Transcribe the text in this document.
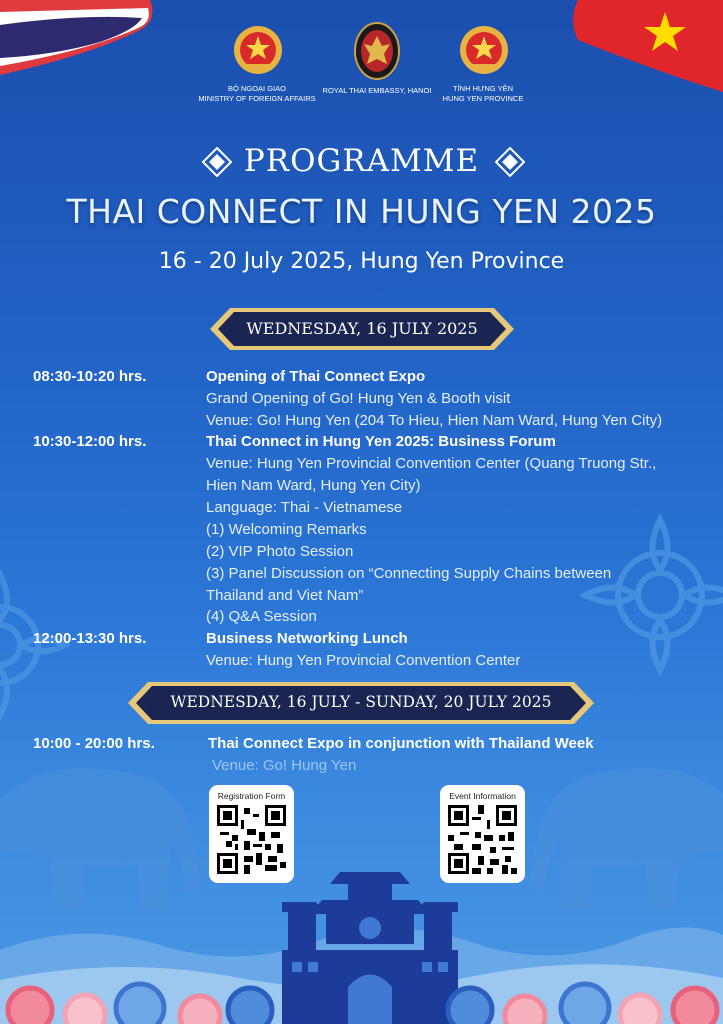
BỘ NGOẠI GIAO
MINISTRY OF FOREIGN AFFAIRS
ROYAL THAI EMBASSY, HANOI	TỈNH HƯNG YÊN
HUNG YEN PROVINCE
PROGRAMME
THAI CONNECT IN HUNG YEN 2025
16 - 20 July 2025, Hung Yen Province
WEDNESDAY, 16 JULY 2025
08:30-10:20 hrs.	Opening of Thai Connect Expo
Grand Opening of Go! Hung Yen & Booth visit
Venue: Go! Hung Yen (204 To Hieu, Hien Nam Ward, Hung Yen City)
10:30-12:00 hrs.	Thai Connect in Hung Yen 2025: Business Forum
Venue: Hung Yen Provincial Convention Center (Quang Truong Str.,
Hien Nam Ward, Hung Yen City)
Language: Thai - Vietnamese
(1) Welcoming Remarks
(2) VIP Photo Session
(3) Panel Discussion on “Connecting Supply Chains between
Thailand and Viet Nam”
(4) Q&A Session
12:00-13:30 hrs.	Business Networking Lunch
Venue: Hung Yen Provincial Convention Center
WEDNESDAY, 16 JULY - SUNDAY, 20 JULY 2025
10:00 - 20:00 hrs.	Thai Connect Expo in conjunction with Thailand Week
Venue: Go! Hung Yen
Registration Form	Event Information
